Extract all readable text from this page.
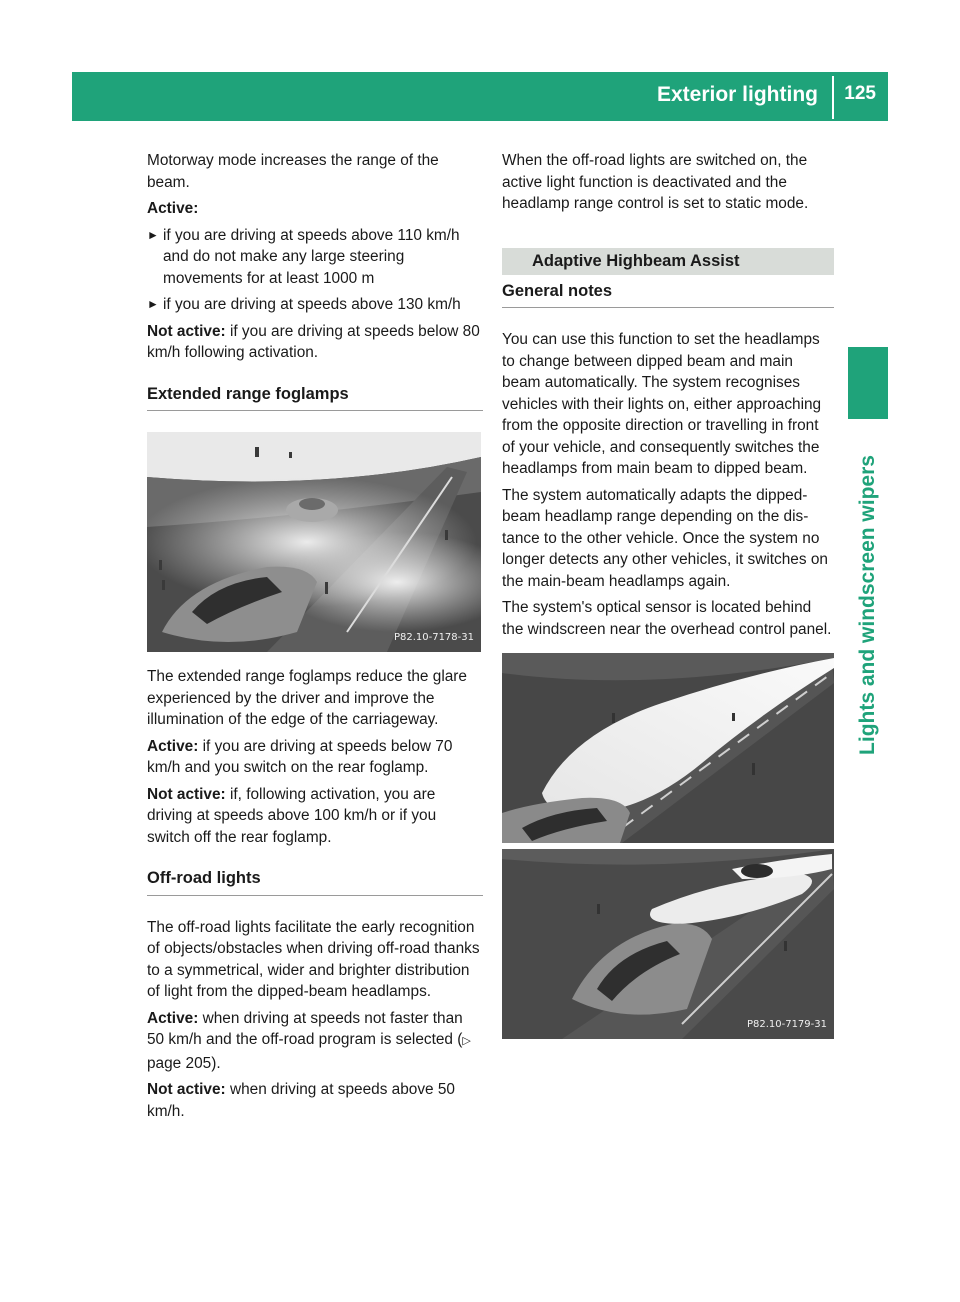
Exterior lighting 125
Lights and windscreen wipers

Motorway mode increases the range of the beam.

Active:

► if you are driving at speeds above 110 km/h and do not make any large steering movements for at least 1000 m
► if you are driving at speeds above 130 km/h

Not active: if you are driving at speeds below 80 km/h following activation.

Extended range foglamps
P82.10-7178-31

The extended range foglamps reduce the glare experienced by the driver and improve the illumination of the edge of the carriageway.

Active: if you are driving at speeds below 70 km/h and you switch on the rear foglamp.

Not active: if, following activation, you are driving at speeds above 100 km/h or if you switch off the rear foglamp.

Off-road lights

The off-road lights facilitate the early recognition of objects/obstacles when driving off-road thanks to a symmetrical, wider and brighter distribution of light from the dipped-beam headlamps.

Active: when driving at speeds not faster than 50 km/h and the off-road program is selected (▷ page 205).

Not active: when driving at speeds above 50 km/h.

When the off-road lights are switched on, the active light function is deactivated and the headlamp range control is set to static mode.

Adaptive Highbeam Assist
General notes

You can use this function to set the headlamps to change between dipped beam and main beam automatically. The system recognises vehicles with their lights on, either approaching from the opposite direction or travelling in front of your vehicle, and consequently switches the headlamps from main beam to dipped beam.

The system automatically adapts the dipped-beam headlamp range depending on the distance to the other vehicle. Once the system no longer detects any other vehicles, it switches on the main-beam headlamps again.

The system's optical sensor is located behind the windscreen near the overhead control panel.

P82.10-7179-31
